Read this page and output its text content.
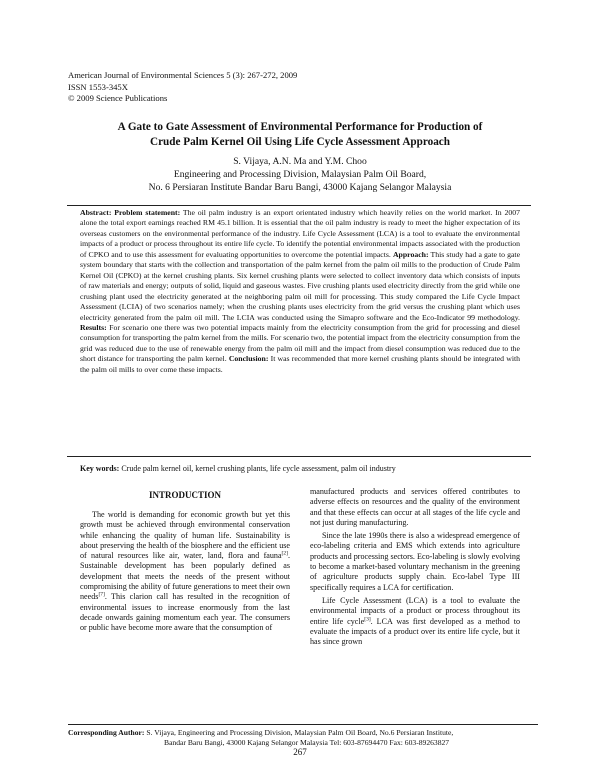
American Journal of Environmental Sciences 5 (3): 267-272, 2009
ISSN 1553-345X
© 2009 Science Publications
A Gate to Gate Assessment of Environmental Performance for Production of
Crude Palm Kernel Oil Using Life Cycle Assessment Approach
S. Vijaya, A.N. Ma and Y.M. Choo
Engineering and Processing Division, Malaysian Palm Oil Board,
No. 6 Persiaran Institute Bandar Baru Bangi, 43000 Kajang Selangor Malaysia
Abstract: Problem statement: The oil palm industry is an export orientated industry which heavily relies on the world market. In 2007 alone the total export earnings reached RM 45.1 billion. It is essential that the oil palm industry is ready to meet the higher expectation of its overseas customers on the environmental performance of the industry. Life Cycle Assessment (LCA) is a tool to evaluate the environmental impacts of a product or process throughout its entire life cycle. To identify the potential environmental impacts associated with the production of CPKO and to use this assessment for evaluating opportunities to overcome the potential impacts. Approach: This study had a gate to gate system boundary that starts with the collection and transportation of the palm kernel from the palm oil mills to the production of Crude Palm Kernel Oil (CPKO) at the kernel crushing plants. Six kernel crushing plants were selected to collect inventory data which consists of inputs of raw materials and energy; outputs of solid, liquid and gaseous wastes. Five crushing plants used electricity directly from the grid while one crushing plant used the electricity generated at the neighboring palm oil mill for processing. This study compared the Life Cycle Impact Assessment (LCIA) of two scenarios namely; when the crushing plants uses electricity from the grid versus the crushing plant which uses electricity generated from the palm oil mill. The LCIA was conducted using the Simapro software and the Eco-Indicator 99 methodology. Results: For scenario one there was two potential impacts mainly from the electricity consumption from the grid for processing and diesel consumption for transporting the palm kernel from the mills. For scenario two, the potential impact from the electricity consumption from the grid was reduced due to the use of renewable energy from the palm oil mill and the impact from diesel consumption was reduced due to the short distance for transporting the palm kernel. Conclusion: It was recommended that more kernel crushing plants should be integrated with the palm oil mills to over come these impacts.
Key words: Crude palm kernel oil, kernel crushing plants, life cycle assessment, palm oil industry
INTRODUCTION

The world is demanding for economic growth but yet this growth must be achieved through environmental conservation while enhancing the quality of human life. Sustainability is about preserving the health of the biosphere and the efficient use of natural resources like air, water, land, flora and fauna[2]. Sustainable development has been popularly defined as development that meets the needs of the present without compromising the ability of future generations to meet their own needs[7]. This clarion call has resulted in the recognition of environmental issues to increase enormously from the last decade onwards gaining momentum each year. The consumers or public have become more aware that the consumption of

manufactured products and services offered contributes to adverse effects on resources and the quality of the environment and that these effects can occur at all stages of the life cycle and not just during manufacturing.

Since the late 1990s there is also a widespread emergence of eco-labeling criteria and EMS which extends into agriculture products and processing sectors. Eco-labeling is slowly evolving to become a market-based voluntary mechanism in the greening of agriculture products supply chain. Eco-label Type III specifically requires a LCA for certification.

Life Cycle Assessment (LCA) is a tool to evaluate the environmental impacts of a product or process throughout its entire life cycle[3]. LCA was first developed as a method to evaluate the impacts of a product over its entire life cycle, but it has since grown

Corresponding Author: S. Vijaya, Engineering and Processing Division, Malaysian Palm Oil Board, No.6 Persiaran Institute,
Bandar Baru Bangi, 43000 Kajang Selangor Malaysia Tel: 603-87694470 Fax: 603-89263827
267
